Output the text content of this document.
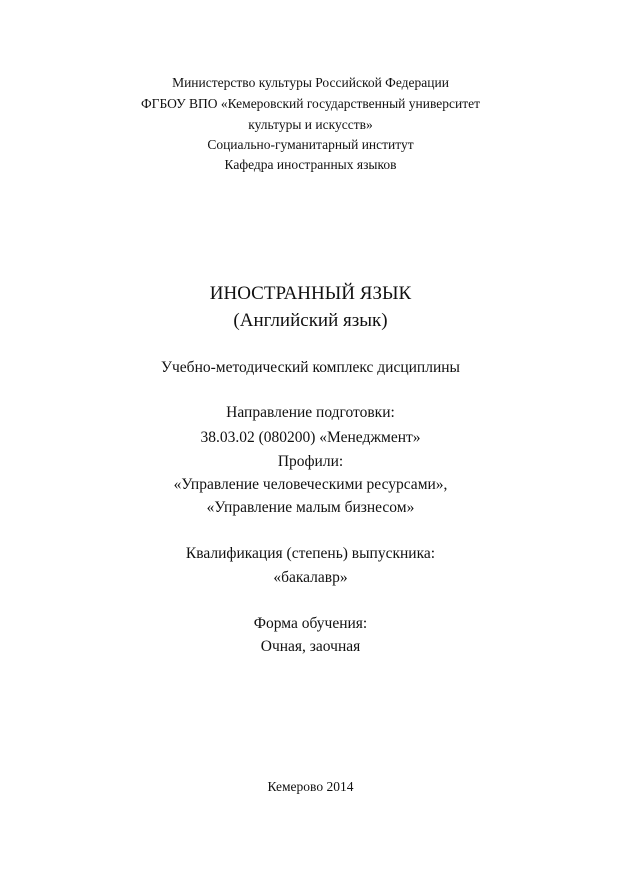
Министерство культуры Российской Федерации
ФГБОУ ВПО «Кемеровский государственный университет
культуры и искусств»
Социально-гуманитарный институт
Кафедра иностранных языков
ИНОСТРАННЫЙ ЯЗЫК
(Английский язык)
Учебно-методический комплекс дисциплины
Направление подготовки:
38.03.02 (080200) «Менеджмент»
Профили:
«Управление человеческими ресурсами»,
«Управление малым бизнесом»
Квалификация (степень) выпускника:
«бакалавр»
Форма обучения:
Очная, заочная
Кемерово 2014
